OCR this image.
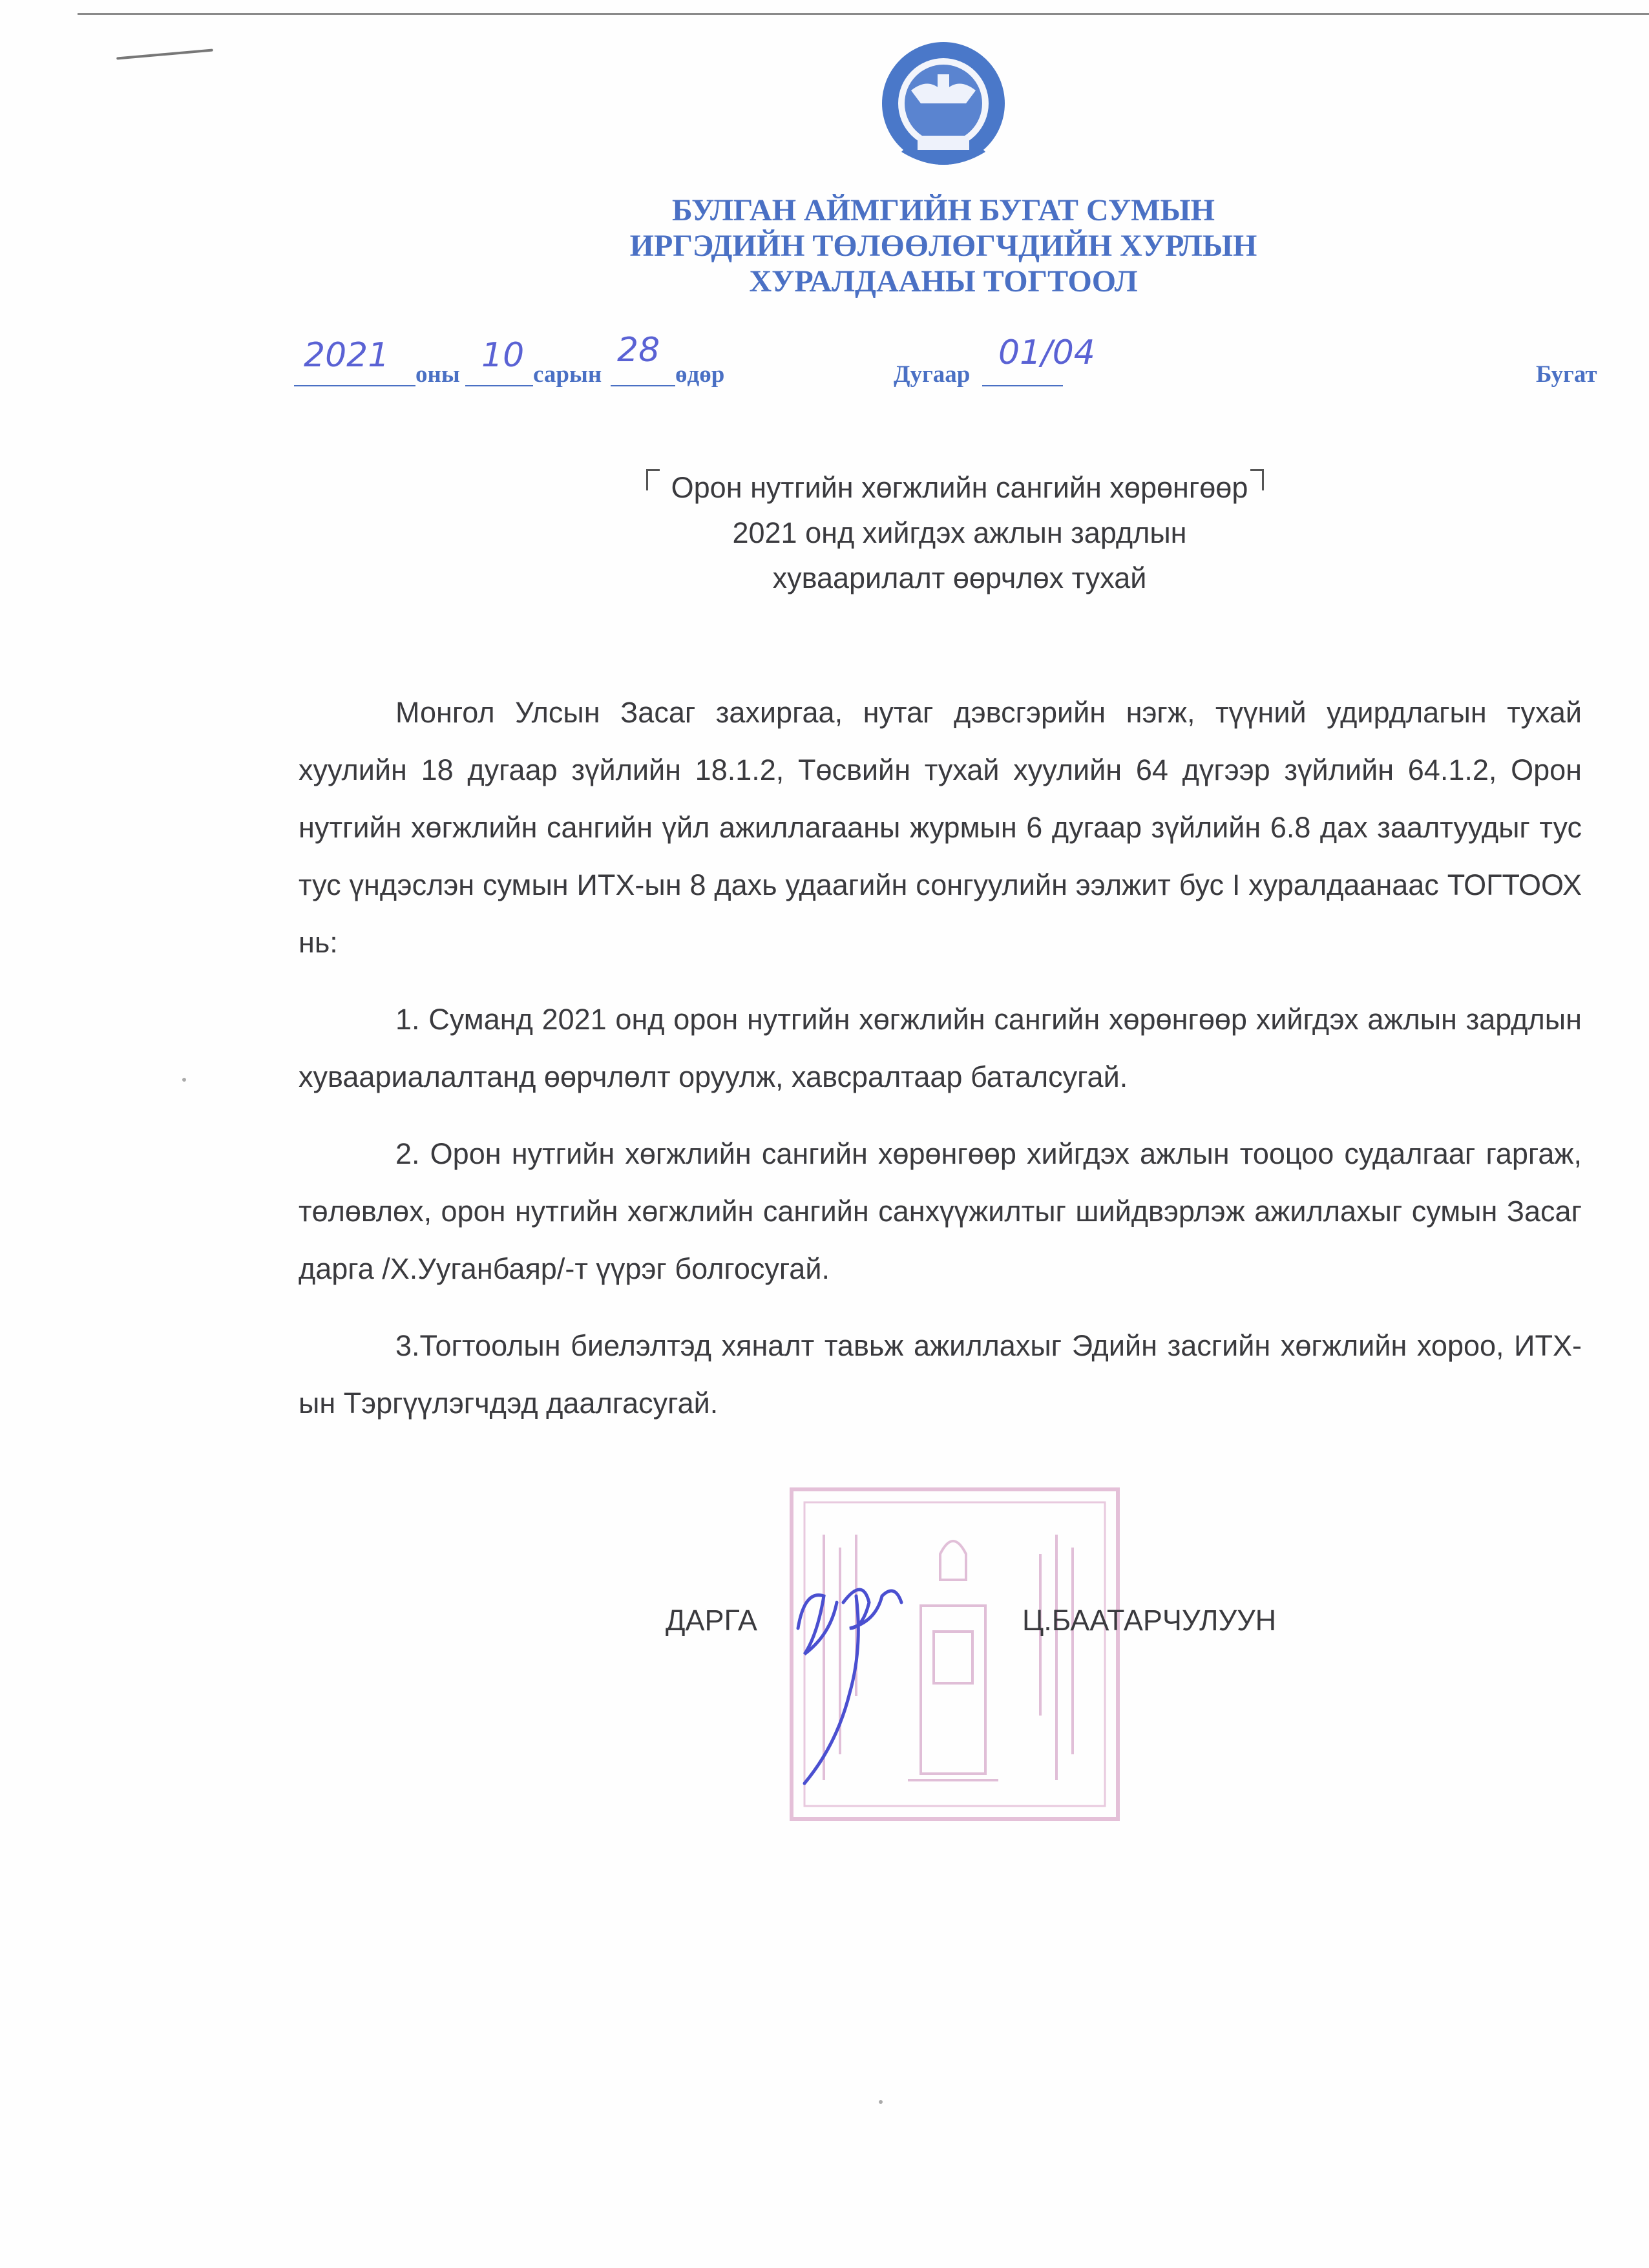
БУЛГАН АЙМГИЙН БУГАТ СУМЫН
ИРГЭДИЙН ТӨЛӨӨЛӨГЧДИЙН ХУРЛЫН
ХУРАЛДААНЫ ТОГТООЛ
2021 оны 10 сарын
28
өдөр	Дугаар
01/04
Бугат
Орон нутгийн хөгжлийн сангийн хөрөнгөөр
2021 онд хийгдэх ажлын зардлын
хуваарилалт өөрчлөх тухай

Монгол Улсын Засаг захиргаа, нутаг дэвсгэрийн нэгж, түүний удирдлагын тухай хуулийн 18 дугаар зүйлийн 18.1.2, Төсвийн тухай хуулийн 64 дүгээр зүйлийн 64.1.2, Орон нутгийн хөгжлийн сангийн үйл ажиллагааны журмын 6 дугаар зүйлийн 6.8 дах заалтуудыг тус тус үндэслэн сумын ИТХ-ын 8 дахь удаагийн сонгуулийн ээлжит бус I хуралдаанаас ТОГТООХ нь:

1. Суманд 2021 онд орон нутгийн хөгжлийн сангийн хөрөнгөөр хийгдэх ажлын зардлын хуваариалалтанд өөрчлөлт оруулж, хавсралтаар баталсугай.

2. Орон нутгийн хөгжлийн сангийн хөрөнгөөр хийгдэх ажлын тооцоо судалгааг гаргаж, төлөвлөх, орон нутгийн хөгжлийн сангийн санхүүжилтыг шийдвэрлэж ажиллахыг сумын Засаг дарга /Х.Ууганбаяр/-т үүрэг болгосугай.

3.Тогтоолын биелэлтэд хяналт тавьж ажиллахыг Эдийн засгийн хөгжлийн хороо, ИТХ-ын Тэргүүлэгчдэд даалгасугай.

ДАРГА	Ц.БААТАРЧУЛУУН
